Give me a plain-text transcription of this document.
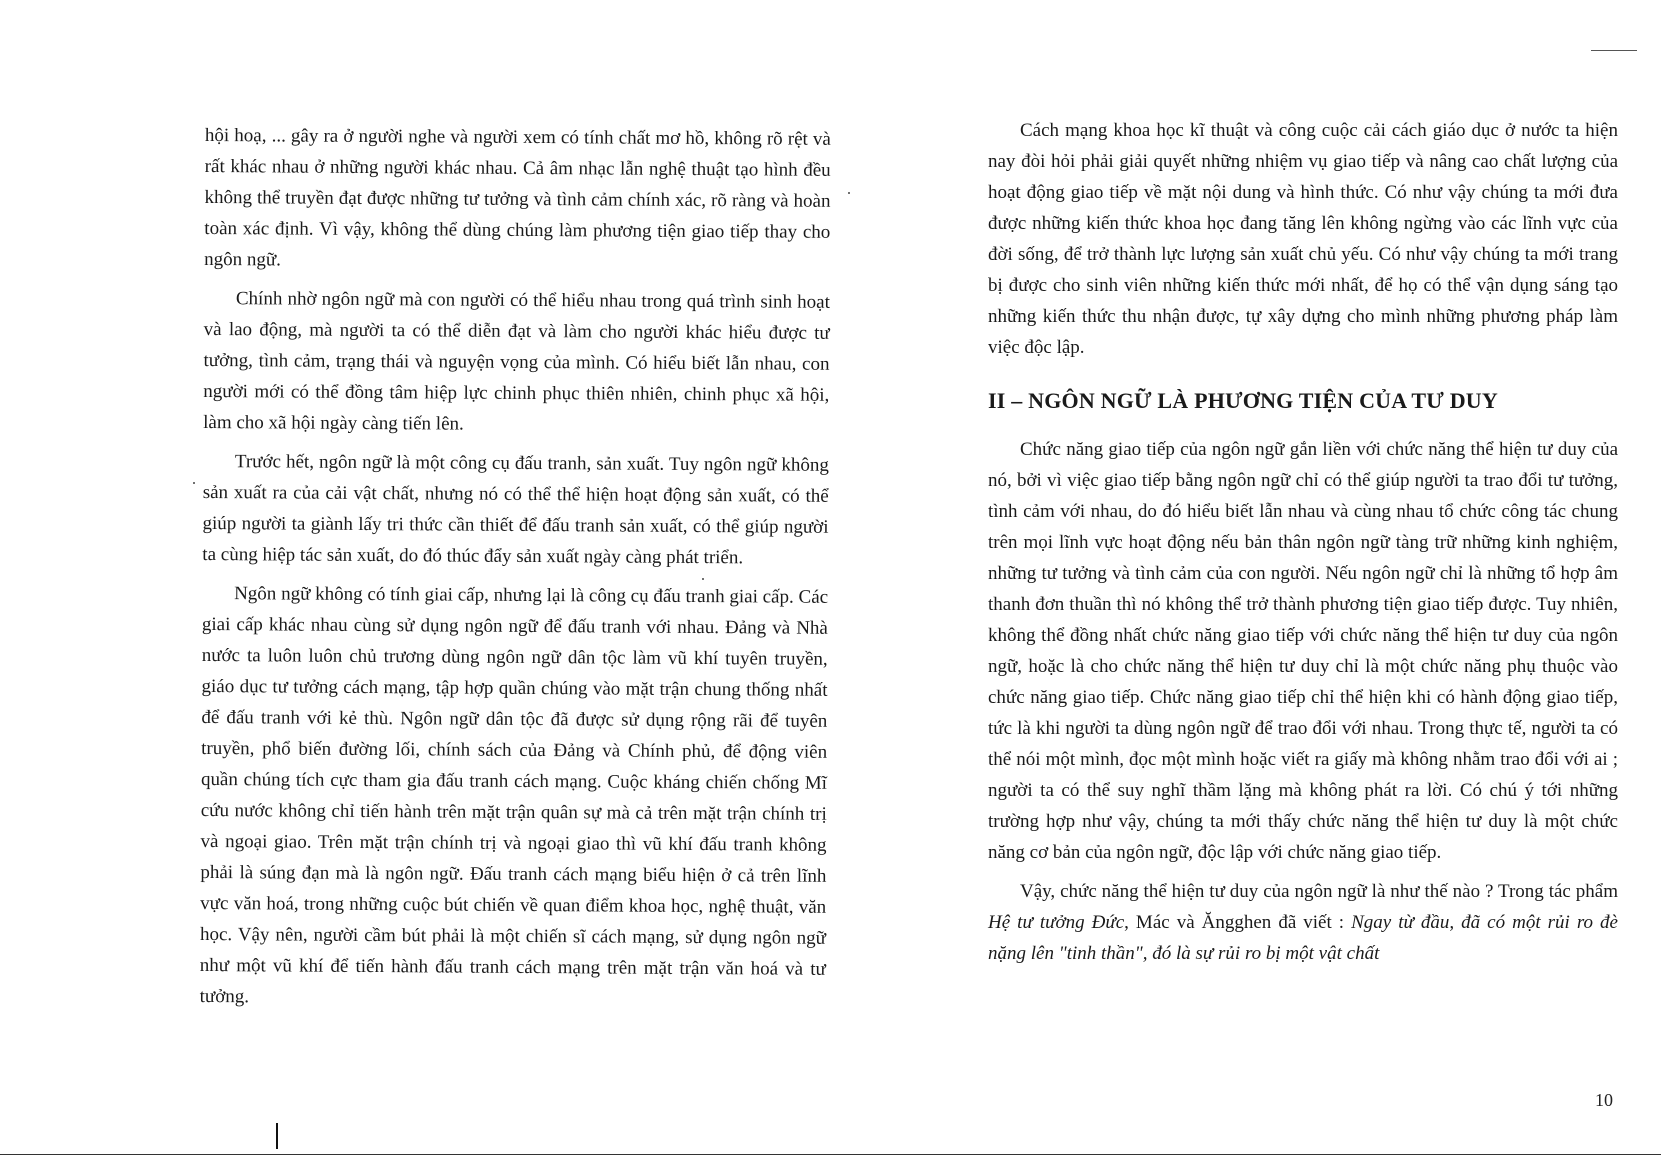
hội hoạ, ... gây ra ở người nghe và người xem có tính chất mơ hồ, không rõ rệt và rất khác nhau ở những người khác nhau. Cả âm nhạc lẫn nghệ thuật tạo hình đều không thể truyền đạt được những tư tưởng và tình cảm chính xác, rõ ràng và hoàn toàn xác định. Vì vậy, không thể dùng chúng làm phương tiện giao tiếp thay cho ngôn ngữ.

Chính nhờ ngôn ngữ mà con người có thể hiểu nhau trong quá trình sinh hoạt và lao động, mà người ta có thể diễn đạt và làm cho người khác hiểu được tư tưởng, tình cảm, trạng thái và nguyện vọng của mình. Có hiểu biết lẫn nhau, con người mới có thể đồng tâm hiệp lực chinh phục thiên nhiên, chinh phục xã hội, làm cho xã hội ngày càng tiến lên.

Trước hết, ngôn ngữ là một công cụ đấu tranh, sản xuất. Tuy ngôn ngữ không sản xuất ra của cải vật chất, nhưng nó có thể thể hiện hoạt động sản xuất, có thể giúp người ta giành lấy tri thức cần thiết để đấu tranh sản xuất, có thể giúp người ta cùng hiệp tác sản xuất, do đó thúc đẩy sản xuất ngày càng phát triển.

Ngôn ngữ không có tính giai cấp, nhưng lại là công cụ đấu tranh giai cấp. Các giai cấp khác nhau cùng sử dụng ngôn ngữ để đấu tranh với nhau. Đảng và Nhà nước ta luôn luôn chủ trương dùng ngôn ngữ dân tộc làm vũ khí tuyên truyền, giáo dục tư tưởng cách mạng, tập hợp quần chúng vào mặt trận chung thống nhất để đấu tranh với kẻ thù. Ngôn ngữ dân tộc đã được sử dụng rộng rãi để tuyên truyền, phổ biến đường lối, chính sách của Đảng và Chính phủ, để động viên quần chúng tích cực tham gia đấu tranh cách mạng. Cuộc kháng chiến chống Mĩ cứu nước không chỉ tiến hành trên mặt trận quân sự mà cả trên mặt trận chính trị và ngoại giao. Trên mặt trận chính trị và ngoại giao thì vũ khí đấu tranh không phải là súng đạn mà là ngôn ngữ. Đấu tranh cách mạng biểu hiện ở cả trên lĩnh vực văn hoá, trong những cuộc bút chiến về quan điểm khoa học, nghệ thuật, văn học. Vậy nên, người cầm bút phải là một chiến sĩ cách mạng, sử dụng ngôn ngữ như một vũ khí để tiến hành đấu tranh cách mạng trên mặt trận văn hoá và tư tưởng.

Cách mạng khoa học kĩ thuật và công cuộc cải cách giáo dục ở nước ta hiện nay đòi hỏi phải giải quyết những nhiệm vụ giao tiếp và nâng cao chất lượng của hoạt động giao tiếp về mặt nội dung và hình thức. Có như vậy chúng ta mới đưa được những kiến thức khoa học đang tăng lên không ngừng vào các lĩnh vực của đời sống, để trở thành lực lượng sản xuất chủ yếu. Có như vậy chúng ta mới trang bị được cho sinh viên những kiến thức mới nhất, để họ có thể vận dụng sáng tạo những kiến thức thu nhận được, tự xây dựng cho mình những phương pháp làm việc độc lập.

II – NGÔN NGỮ LÀ PHƯƠNG TIỆN CỦA TƯ DUY

Chức năng giao tiếp của ngôn ngữ gắn liền với chức năng thể hiện tư duy của nó, bởi vì việc giao tiếp bằng ngôn ngữ chỉ có thể giúp người ta trao đổi tư tưởng, tình cảm với nhau, do đó hiểu biết lẫn nhau và cùng nhau tổ chức công tác chung trên mọi lĩnh vực hoạt động nếu bản thân ngôn ngữ tàng trữ những kinh nghiệm, những tư tưởng và tình cảm của con người. Nếu ngôn ngữ chỉ là những tổ hợp âm thanh đơn thuần thì nó không thể trở thành phương tiện giao tiếp được. Tuy nhiên, không thể đồng nhất chức năng giao tiếp với chức năng thể hiện tư duy của ngôn ngữ, hoặc là cho chức năng thể hiện tư duy chỉ là một chức năng phụ thuộc vào chức năng giao tiếp. Chức năng giao tiếp chỉ thể hiện khi có hành động giao tiếp, tức là khi người ta dùng ngôn ngữ để trao đổi với nhau. Trong thực tế, người ta có thể nói một mình, đọc một mình hoặc viết ra giấy mà không nhằm trao đổi với ai ; người ta có thể suy nghĩ thầm lặng mà không phát ra lời. Có chú ý tới những trường hợp như vậy, chúng ta mới thấy chức năng thể hiện tư duy là một chức năng cơ bản của ngôn ngữ, độc lập với chức năng giao tiếp.

Vậy, chức năng thể hiện tư duy của ngôn ngữ là như thế nào ? Trong tác phẩm Hệ tư tưởng Đức, Mác và Ăngghen đã viết : Ngay từ đầu, đã có một rủi ro đè nặng lên "tinh thần", đó là sự rủi ro bị một vật chất

10
